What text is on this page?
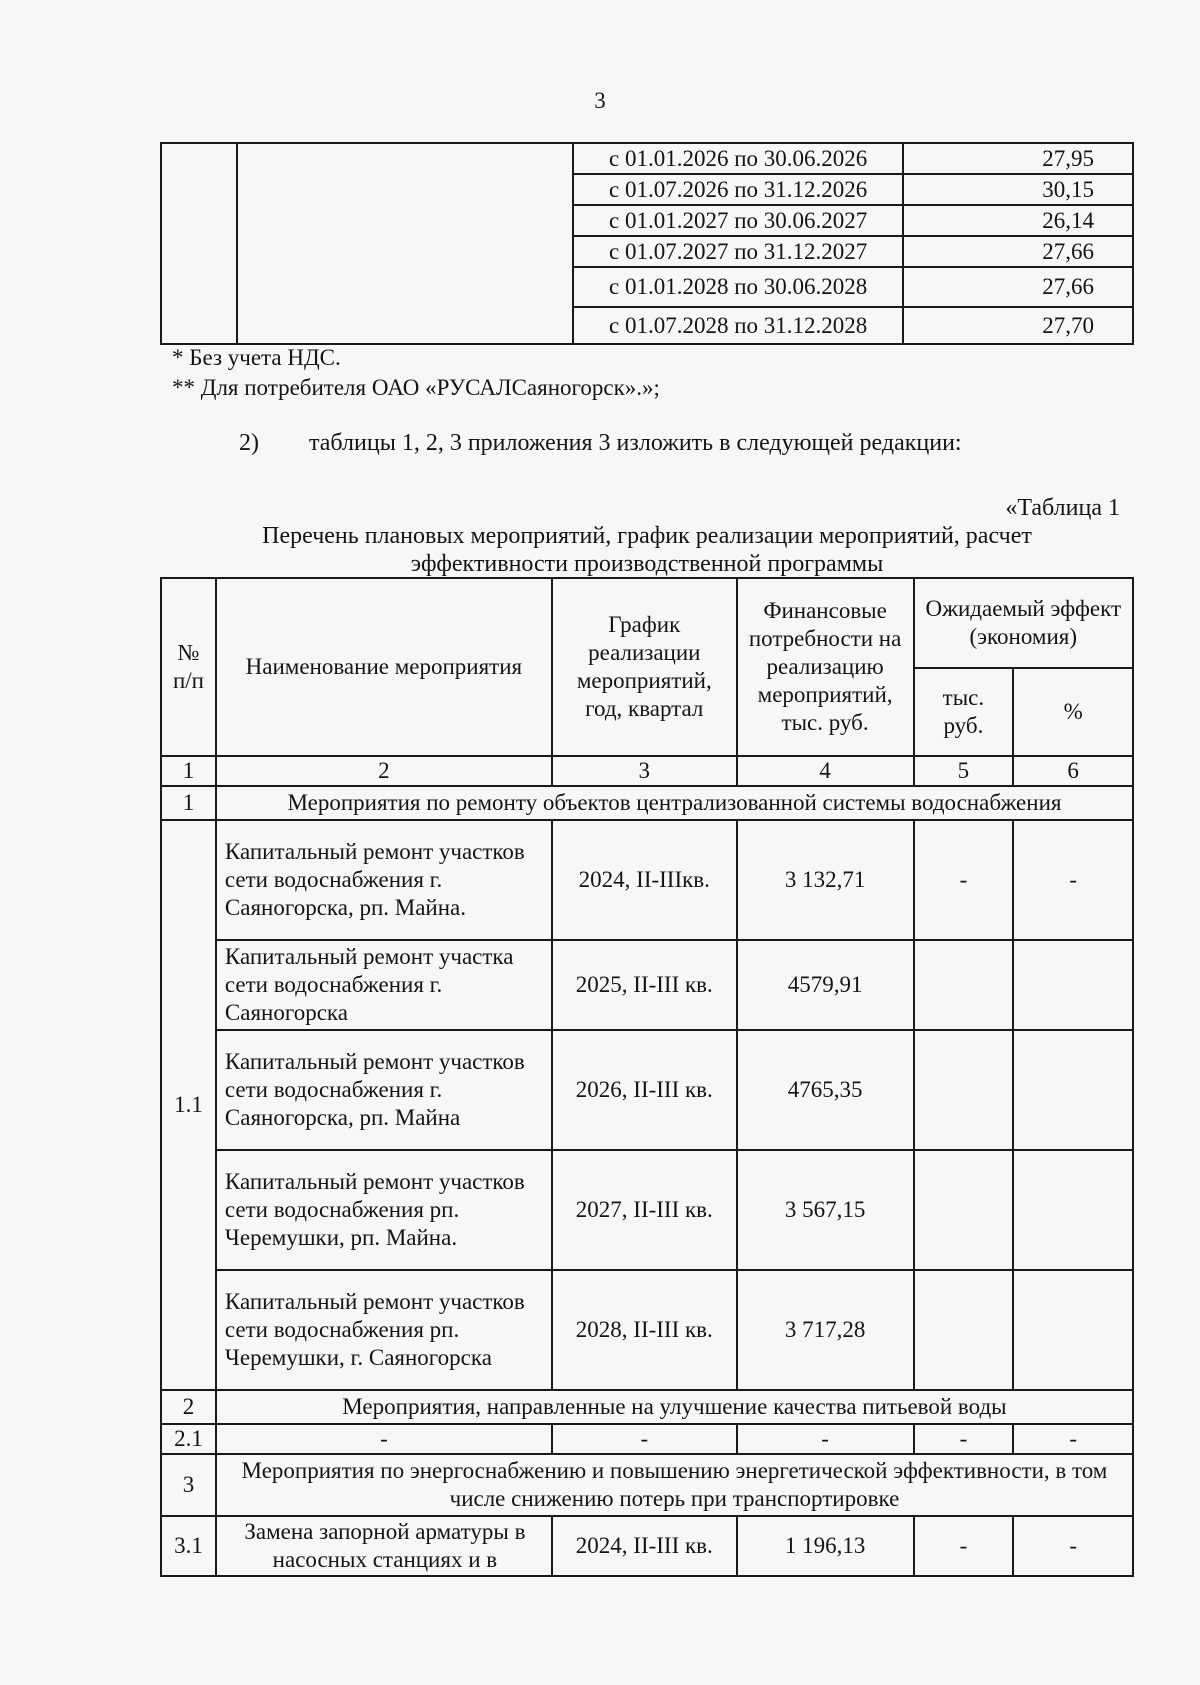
3
		с 01.01.2026 по 30.06.2026	27,95
		с 01.07.2026 по 31.12.2026	30,15
		с 01.01.2027 по 30.06.2027	26,14
		с 01.07.2027 по 31.12.2027	27,66
		с 01.01.2028 по 30.06.2028	27,66
		с 01.07.2028 по 31.12.2028	27,70
* Без учета НДС.
** Для потребителя ОАО «РУСАЛСаяногорск».»;
2) таблицы 1, 2, 3 приложения 3 изложить в следующей редакции:
«Таблица 1
Перечень плановых мероприятий, график реализации мероприятий, расчет
эффективности производственной программы
№ п/п	Наименование мероприятия	График реализации мероприятий, год, квартал	Финансовые потребности на реализацию мероприятий, тыс. руб.	Ожидаемый эффект (экономия)	
				тыс. руб.	%
1	2	3	4	5	6
1	Мероприятия по ремонту объектов централизованной системы водоснабжения				
1.1	Капитальный ремонт участков сети водоснабжения г. Саяногорска, рп. Майна.	2024, II-IIIкв.	3 132,71	-	-
	Капитальный ремонт участка сети водоснабжения г. Саяногорска	2025, II-III кв.	4579,91		
	Капитальный ремонт участков сети водоснабжения г. Саяногорска, рп. Майна	2026, II-III кв.	4765,35		
	Капитальный ремонт участков сети водоснабжения рп. Черемушки, рп. Майна.	2027, II-III кв.	3 567,15		
	Капитальный ремонт участков сети водоснабжения рп. Черемушки, г. Саяногорска	2028, II-III кв.	3 717,28		
2	Мероприятия, направленные на улучшение качества питьевой воды				
2.1	-	-	-	-	-
3	Мероприятия по энергоснабжению и повышению энергетической эффективности, в том числе снижению потерь при транспортировке				
3.1	Замена запорной арматуры в насосных станциях и в	2024, II-III кв.	1 196,13	-	-
